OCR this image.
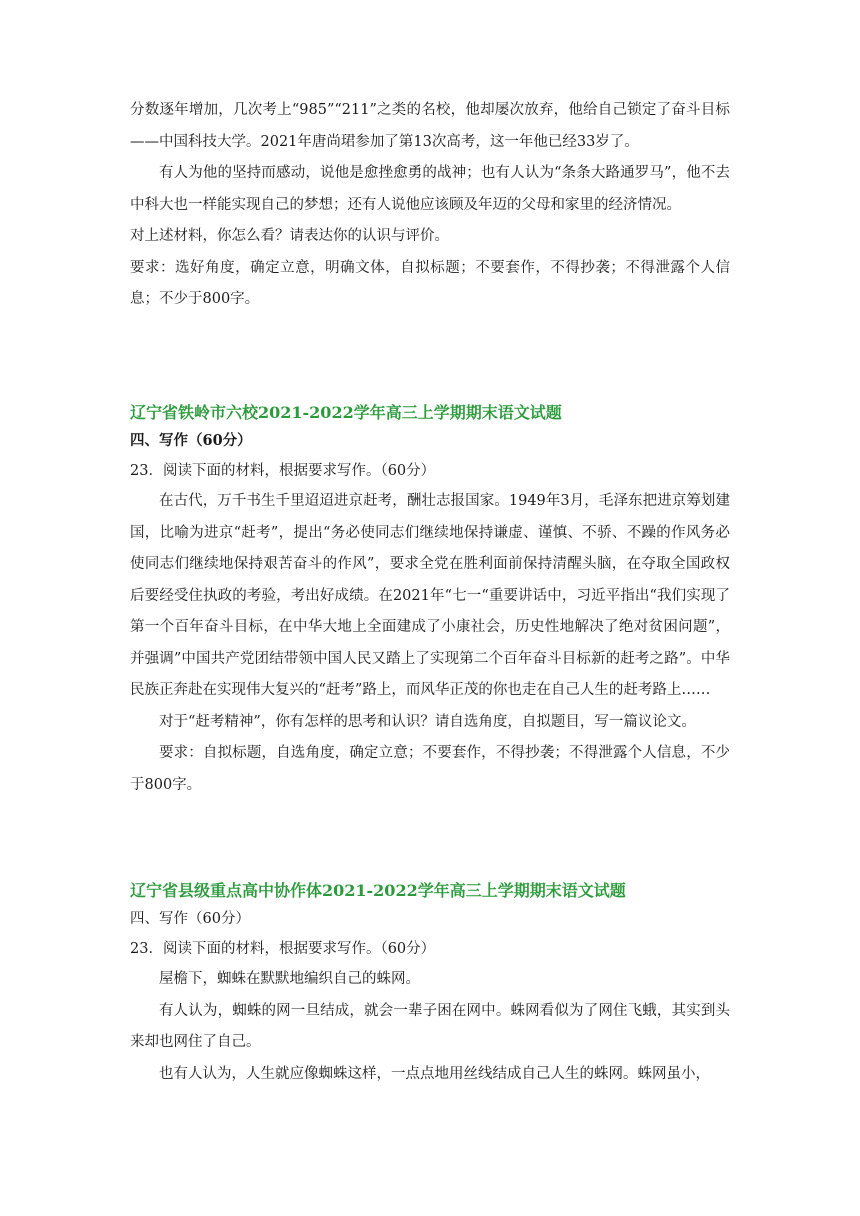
分数逐年增加，几次考上“985”“211”之类的名校，他却屡次放弃，他给自己锁定了奋斗目标——中国科技大学。2021年唐尚珺参加了第13次高考，这一年他已经33岁了。

有人为他的坚持而感动，说他是愈挫愈勇的战神；也有人认为“条条大路通罗马”，他不去中科大也一样能实现自己的梦想；还有人说他应该顾及年迈的父母和家里的经济情况。

对上述材料，你怎么看？请表达你的认识与评价。

要求：选好角度，确定立意，明确文体，自拟标题；不要套作，不得抄袭；不得泄露个人信息；不少于800字。

辽宁省铁岭市六校2021-2022学年高三上学期期末语文试题

四、写作（60分）

23．阅读下面的材料，根据要求写作。（60分）

在古代，万千书生千里迢迢进京赶考，酬壮志报国家。1949年3月，毛泽东把进京筹划建国，比喻为进京“赶考”，提出“务必使同志们继续地保持谦虚、谨慎、不骄、不躁的作风务必使同志们继续地保持艰苦奋斗的作风”，要求全党在胜利面前保持清醒头脑，在夺取全国政权后要经受住执政的考验，考出好成绩。在2021年“七一“重要讲话中，习近平指出“我们实现了第一个百年奋斗目标，在中华大地上全面建成了小康社会，历史性地解决了绝对贫困问题”，并强调”中国共产党团结带领中国人民又踏上了实现第二个百年奋斗目标新的赶考之路”。中华民族正奔赴在实现伟大复兴的“赶考”路上，而风华正茂的你也走在自己人生的赶考路上……

对于“赶考精神”，你有怎样的思考和认识？请自选角度，自拟题目，写一篇议论文。

要求：自拟标题，自选角度，确定立意；不要套作，不得抄袭；不得泄露个人信息，不少于800字。

辽宁省县级重点高中协作体2021-2022学年高三上学期期末语文试题

四、写作（60分）

23．阅读下面的材料，根据要求写作。（60分）

屋檐下，蜘蛛在默默地编织自己的蛛网。

有人认为，蜘蛛的网一旦结成，就会一辈子困在网中。蛛网看似为了网住飞蛾，其实到头来却也网住了自己。

也有人认为，人生就应像蜘蛛这样，一点点地用丝线结成自己人生的蛛网。蛛网虽小，
